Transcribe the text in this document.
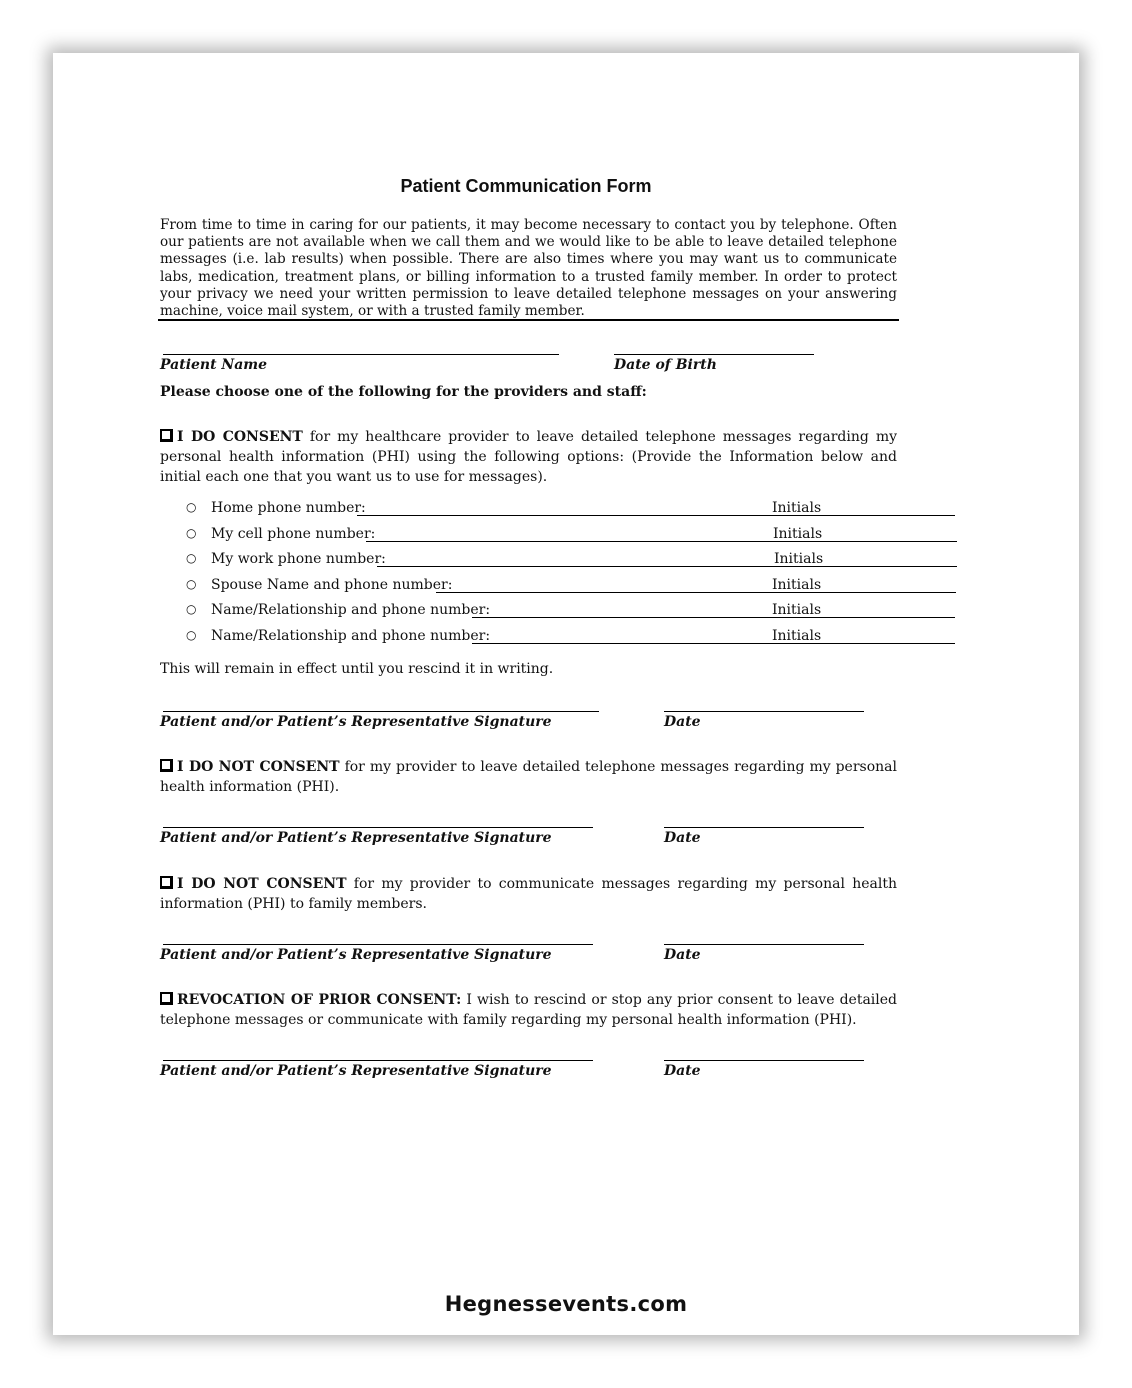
Patient Communication Form
From time to time in caring for our patients, it may become necessary to contact you by telephone. Often our patients are not available when we call them and we would like to be able to leave detailed telephone messages (i.e. lab results) when possible. There are also times where you may want us to communicate labs, medication, treatment plans, or billing information to a trusted family member. In order to protect your privacy we need your written permission to leave detailed telephone messages on your answering machine, voice mail system, or with a trusted family member.
Patient Name	Date of Birth
Please choose one of the following for the providers and staff:
I DO CONSENT for my healthcare provider to leave detailed telephone messages regarding my personal health information (PHI) using the following options: (Provide the Information below and initial each one that you want us to use for messages).
○ Home phone number:	Initials
○ My cell phone number:	Initials
○ My work phone number:	Initials
○ Spouse Name and phone number:	Initials
○ Name/Relationship and phone number:	Initials
○ Name/Relationship and phone number:	Initials
This will remain in effect until you rescind it in writing.
Patient and/or Patient’s Representative Signature	Date
I DO NOT CONSENT for my provider to leave detailed telephone messages regarding my personal health information (PHI).
Patient and/or Patient’s Representative Signature	Date
I DO NOT CONSENT for my provider to communicate messages regarding my personal health information (PHI) to family members.
Patient and/or Patient’s Representative Signature	Date
REVOCATION OF PRIOR CONSENT: I wish to rescind or stop any prior consent to leave detailed telephone messages or communicate with family regarding my personal health information (PHI).
Patient and/or Patient’s Representative Signature	Date
Hegnessevents.com
